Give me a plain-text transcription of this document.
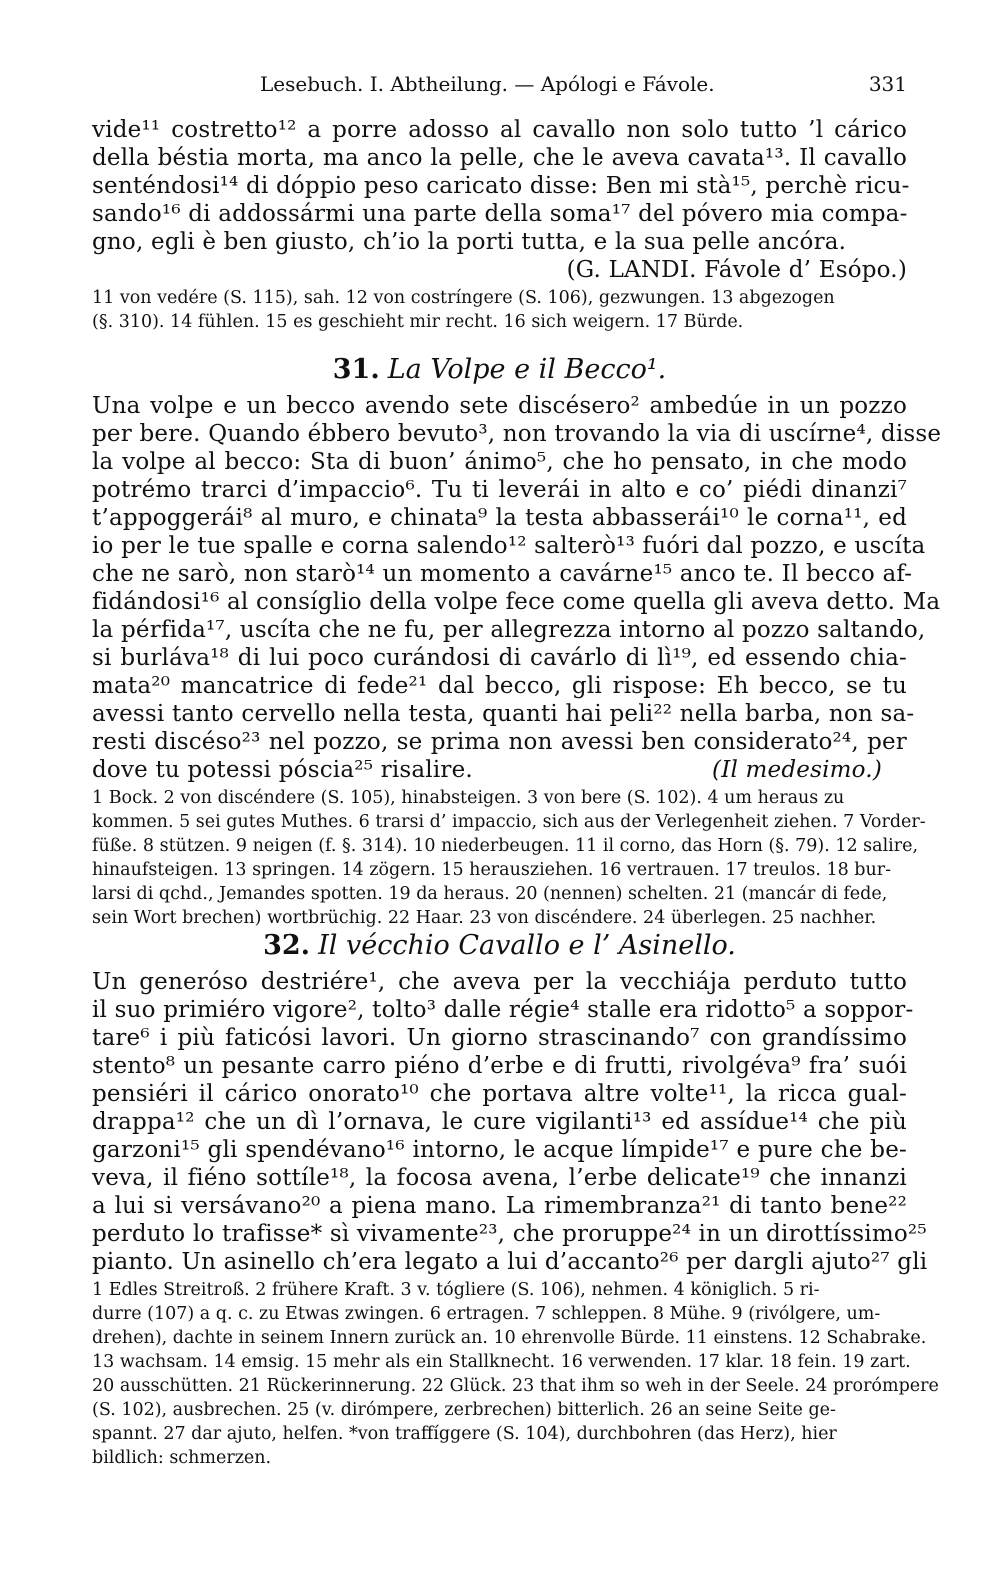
Lesebuch. I. Abtheilung. — Apólogi e Fávole.	331
vide¹¹ costretto¹² a porre adosso al cavallo non solo tutto ’l cárico
della béstia morta, ma anco la pelle, che le aveva cavata¹³. Il cavallo
senténdosi¹⁴ di dóppio peso caricato disse: Ben mi stà¹⁵, perchè ricu-
sando¹⁶ di addossármi una parte della soma¹⁷ del póvero mia compa-
gno, egli è ben giusto, ch’io la porti tutta, e la sua pelle ancóra.
(G. LANDI. Fávole d’ Esópo.)
11 von vedére (S. 115), sah. 12 von costríngere (S. 106), gezwungen. 13 abgezogen
(§. 310). 14 fühlen. 15 es geschieht mir recht. 16 sich weigern. 17 Bürde.
31. La Volpe e il Becco¹.
Una volpe e un becco avendo sete discésero² ambedúe in un pozzo
per bere. Quando ébbero bevuto³, non trovando la via di uscírne⁴, disse
la volpe al becco: Sta di buon’ ánimo⁵, che ho pensato, in che modo
potrémo trarci d’impaccio⁶. Tu ti leverái in alto e co’ piédi dinanzi⁷
t’appoggerái⁸ al muro, e chinata⁹ la testa abbasserái¹⁰ le corna¹¹, ed
io per le tue spalle e corna salendo¹² salterò¹³ fuóri dal pozzo, e uscíta
che ne sarò, non starò¹⁴ un momento a cavárne¹⁵ anco te. Il becco af-
fidándosi¹⁶ al consíglio della volpe fece come quella gli aveva detto. Ma
la pérfida¹⁷, uscíta che ne fu, per allegrezza intorno al pozzo saltando,
si burláva¹⁸ di lui poco curándosi di cavárlo di lì¹⁹, ed essendo chia-
mata²⁰ mancatrice di fede²¹ dal becco, gli rispose: Eh becco, se tu
avessi tanto cervello nella testa, quanti hai peli²² nella barba, non sa-
resti discéso²³ nel pozzo, se prima non avessi ben considerato²⁴, per
dove tu potessi póscia²⁵ risalire.	(Il medesimo.)
1 Bock. 2 von discéndere (S. 105), hinabsteigen. 3 von bere (S. 102). 4 um heraus zu
kommen. 5 sei gutes Muthes. 6 trarsi d’ impaccio, sich aus der Verlegenheit ziehen. 7 Vorder-
füße. 8 stützen. 9 neigen (f. §. 314). 10 niederbeugen. 11 il corno, das Horn (§. 79). 12 salire,
hinaufsteigen. 13 springen. 14 zögern. 15 herausziehen. 16 vertrauen. 17 treulos. 18 bur-
larsi di qchd., Jemandes spotten. 19 da heraus. 20 (nennen) schelten. 21 (mancár di fede,
sein Wort brechen) wortbrüchig. 22 Haar. 23 von discéndere. 24 überlegen. 25 nachher.
32. Il vécchio Cavallo e l’ Asinello.
Un generóso destriére¹, che aveva per la vecchiája perduto tutto
il suo primiéro vigore², tolto³ dalle régie⁴ stalle era ridotto⁵ a soppor-
tare⁶ i più faticósi lavori. Un giorno strascinando⁷ con grandíssimo
stento⁸ un pesante carro piéno d’erbe e di frutti, rivolgéva⁹ fra’ suói
pensiéri il cárico onorato¹⁰ che portava altre volte¹¹, la ricca gual-
drappa¹² che un dì l’ornava, le cure vigilanti¹³ ed assídue¹⁴ che più
garzoni¹⁵ gli spendévano¹⁶ intorno, le acque límpide¹⁷ e pure che be-
veva, il fiéno sottíle¹⁸, la focosa avena, l’erbe delicate¹⁹ che innanzi
a lui si versávano²⁰ a piena mano. La rimembranza²¹ di tanto bene²²
perduto lo trafisse* sì vivamente²³, che proruppe²⁴ in un dirottíssimo²⁵
pianto. Un asinello ch’era legato a lui d’accanto²⁶ per dargli ajuto²⁷ gli
1 Edles Streitroß. 2 frühere Kraft. 3 v. tógliere (S. 106), nehmen. 4 königlich. 5 ri-
durre (107) a q. c. zu Etwas zwingen. 6 ertragen. 7 schleppen. 8 Mühe. 9 (rivólgere, um-
drehen), dachte in seinem Innern zurück an. 10 ehrenvolle Bürde. 11 einstens. 12 Schabrake.
13 wachsam. 14 emsig. 15 mehr als ein Stallknecht. 16 verwenden. 17 klar. 18 fein. 19 zart.
20 ausschütten. 21 Rückerinnerung. 22 Glück. 23 that ihm so weh in der Seele. 24 prorómpere
(S. 102), ausbrechen. 25 (v. dirómpere, zerbrechen) bitterlich. 26 an seine Seite ge-
spannt. 27 dar ajuto, helfen. *von traffíggere (S. 104), durchbohren (das Herz), hier bildlich: schmerzen.
